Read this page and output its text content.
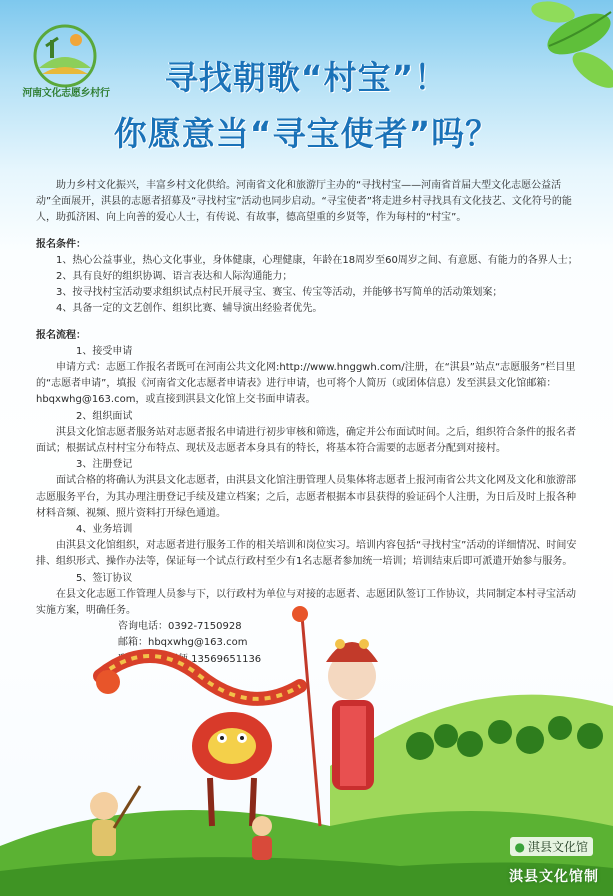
河南文化志愿乡村行	寻找朝歌“村宝”！
你愿意当“寻宝使者”吗？

助力乡村文化振兴，丰富乡村文化供给。河南省文化和旅游厅主办的“寻找村宝——河南省首届大型文化志愿公益活动”全面展开，淇县的志愿者招募及“寻找村宝”活动也同步启动。“寻宝使者”将走进乡村寻找具有文化技艺、文化符号的能人，助孤济困、向上向善的爱心人士，有传说、有故事，德高望重的乡贤等，作为每村的“村宝”。

报名条件：

1、热心公益事业，热心文化事业，身体健康，心理健康，年龄在18周岁至60周岁之间、有意愿、有能力的各界人士；

2、具有良好的组织协调、语言表达和人际沟通能力；

3、按寻找村宝活动要求组织试点村民开展寻宝、赛宝、传宝等活动，并能够书写简单的活动策划案；

4、具备一定的文艺创作、组织比赛、辅导演出经验者优先。

报名流程：

1、接受申请

申请方式：志愿工作报名者既可在河南公共文化网:http://www.hnggwh.com/注册，在“淇县”站点“志愿服务”栏目里的“志愿者申请”，填报《河南省文化志愿者申请表》进行申请，也可将个人简历（或团体信息）发至淇县文化馆邮箱：hbqxwhg@163.com，或直接到淇县文化馆上交书面申请表。

2、组织面试

淇县文化馆志愿者服务站对志愿者报名申请进行初步审核和筛选，确定并公布面试时间。之后，组织符合条件的报名者面试；根据试点村村宝分布特点、现状及志愿者本身具有的特长，将基本符合需要的志愿者分配到对接村。

3、注册登记

面试合格的将确认为淇县文化志愿者，由淇县文化馆注册管理人员集体将志愿者上报河南省公共文化网及文化和旅游部志愿服务平台，为其办理注册登记手续及建立档案；之后，志愿者根据本市县获得的验证码个人注册，为日后及时上报各种材料音频、视频、照片资料打开绿色通道。

4、业务培训

由淇县文化馆组织，对志愿者进行服务工作的相关培训和岗位实习。培训内容包括“寻找村宝”活动的详细情况、时间安排、组织形式、操作办法等，保证每一个试点行政村至少有1名志愿者参加统一培训；培训结束后即可派遣开始参与服务。

5、签订协议

在县文化志愿工作管理人员参与下，以行政村为单位与对接的志愿者、志愿团队签订工作协议，共同制定本村寻宝活动实施方案，明确任务。

咨询电话：0392-7150928

邮箱：hbqxwhg@163.com

联系人：王老师 13569651136

● 淇县文化馆
淇县文化馆制
